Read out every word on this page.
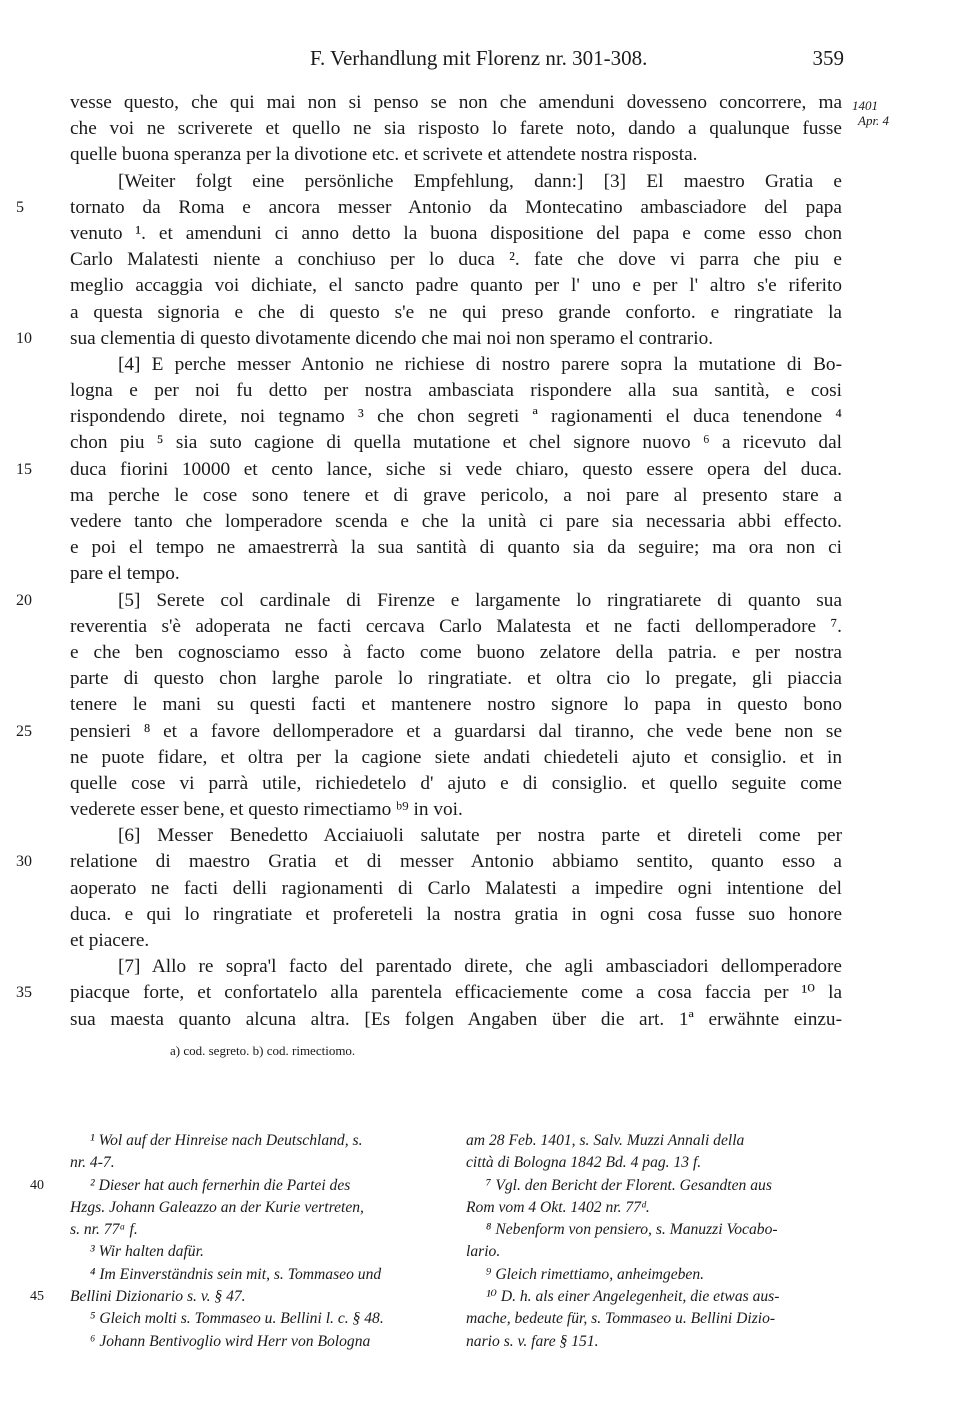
F. Verhandlung mit Florenz nr. 301-308.	359
1401
Apr. 4
vesse questo, che qui mai non si penso se non che amenduni dovesseno concorrere, ma
che voi ne scriverete et quello ne sia risposto lo farete noto, dando a qualunque fusse
quelle buona speranza per la divotione etc. et scrivete et attendete nostra risposta.
[Weiter folgt eine persönliche Empfehlung, dann:] [3] El maestro Gratia e
5	tornato da Roma e ancora messer Antonio da Montecatino ambasciadore del papa
venuto ¹. et amenduni ci anno detto la buona dispositione del papa e come esso chon
Carlo Malatesti niente a conchiuso per lo duca ². fate che dove vi parra che piu e
meglio accaggia voi dichiate, el sancto padre quanto per l' uno e per l' altro s'e riferito
a questa signoria e che di questo s'e ne qui preso grande conforto. e ringratiate la
10	sua clementia di questo divotamente dicendo che mai noi non speramo el contrario.
[4] E perche messer Antonio ne richiese di nostro parere sopra la mutatione di Bo-
logna e per noi fu detto per nostra ambasciata rispondere alla sua santità, e cosi
rispondendo direte, noi tegnamo ³ che chon segreti ª ragionamenti el duca tenendone ⁴
chon piu ⁵ sia suto cagione di quella mutatione et chel signore nuovo ⁶ a ricevuto dal
15	duca fiorini 10000 et cento lance, siche si vede chiaro, questo essere opera del duca.
ma perche le cose sono tenere et di grave pericolo, a noi pare al presento stare a
vedere tanto che lomperadore scenda e che la unità ci pare sia necessaria abbi effecto.
e poi el tempo ne amaestrerrà la sua santità di quanto sia da seguire; ma ora non ci
pare el tempo.
20	[5] Serete col cardinale di Firenze e largamente lo ringratiarete di quanto sua
reverentia s'è adoperata ne facti cercava Carlo Malatesta et ne facti dellomperadore ⁷.
e che ben cognosciamo esso à facto come buono zelatore della patria. e per nostra
parte di questo chon larghe parole lo ringratiate. et oltra cio lo pregate, gli piaccia
tenere le mani su questi facti et mantenere nostro signore lo papa in questo bono
25	pensieri ⁸ et a favore dellomperadore et a guardarsi dal tiranno, che vede bene non se
ne puote fidare, et oltra per la cagione siete andati chiedeteli ajuto et consiglio. et in
quelle cose vi parrà utile, richiedetelo d' ajuto e di consiglio. et quello seguite come
vederete esser bene, et questo rimectiamo ᵇ⁹ in voi.
[6] Messer Benedetto Acciaiuoli salutate per nostra parte et direteli come per
30	relatione di maestro Gratia et di messer Antonio abbiamo sentito, quanto esso a
aoperato ne facti delli ragionamenti di Carlo Malatesti a impedire ogni intentione del
duca. e qui lo ringratiate et profereteli la nostra gratia in ogni cosa fusse suo honore
et piacere.
[7] Allo re sopra'l facto del parentado direte, che agli ambasciadori dellomperadore
35	piacque forte, et confortatelo alla parentela efficaciemente come a cosa faccia per ¹⁰ la
sua maesta quanto alcuna altra. [Es folgen Angaben über die art. 1ª erwähnte einzu-
a) cod. segreto. b) cod. rimectiomo.
¹ Wol auf der Hinreise nach Deutschland, s.
nr. 4-7.
40	² Dieser hat auch fernerhin die Partei des
Hzgs. Johann Galeazzo an der Kurie vertreten,
s. nr. 77ᵃ f.
³ Wir halten dafür.
⁴ Im Einverständnis sein mit, s. Tommaseo und
45	Bellini Dizionario s. v. § 47.
⁵ Gleich molti s. Tommaseo u. Bellini l. c. § 48.
⁶ Johann Bentivoglio wird Herr von Bologna
am 28 Feb. 1401, s. Salv. Muzzi Annali della
città di Bologna 1842 Bd. 4 pag. 13 f.
⁷ Vgl. den Bericht der Florent. Gesandten aus
Rom vom 4 Okt. 1402 nr. 77ᵈ.
⁸ Nebenform von pensiero, s. Manuzzi Vocabo-
lario.
⁹ Gleich rimettiamo, anheimgeben.
¹⁰ D. h. als einer Angelegenheit, die etwas aus-
mache, bedeute für, s. Tommaseo u. Bellini Dizio-
nario s. v. fare § 151.
